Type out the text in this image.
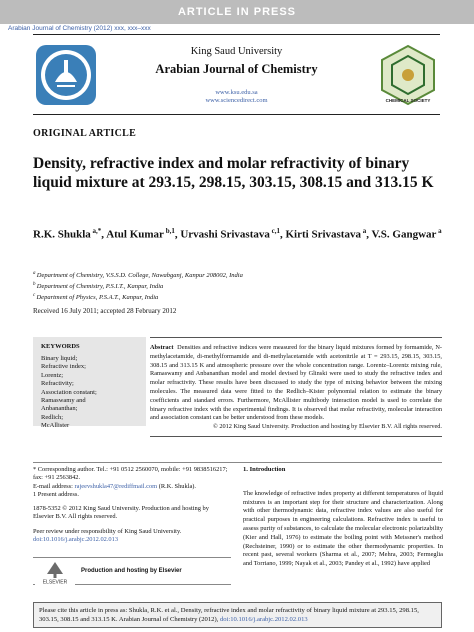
ARTICLE IN PRESS
Arabian Journal of Chemistry (2012) xxx, xxx–xxx
King Saud University
Arabian Journal of Chemistry
www.ksu.edu.sa
www.sciencedirect.com	CHEMICAL SOCIETY
ORIGINAL ARTICLE
Density, refractive index and molar refractivity of binary liquid mixture at 293.15, 298.15, 303.15, 308.15 and 313.15 K
R.K. Shukla $^{a,*}$, Atul Kumar $^{b,1}$, Urvashi Srivastava $^{c,1}$, Kirti Srivastava $^a$, V.S. Gangwar $^a$
$^a$ Department of Chemistry, V.S.S.D. College, Nawabganj, Kanpur 208002, India
$^b$ Department of Chemistry, P.S.I.T., Kanpur, India
$^c$ Department of Physics, P.S.A.T., Kanpur, India
Received 16 July 2011; accepted 28 February 2012
KEYWORDS
Binary liquid;
Refractive index;
Lorentz;
Refractivity;
Association constant;
Ramaswamy and
Anbananthan;
Redlich;
McAllister

Abstract Densities and refractive indices were measured for the binary liquid mixtures formed by formamide, N-methylacetamide, di-methylformamide and di-methylacetamide with acetonitrile at T = 293.15, 298.15, 303.15, 308.15 and 313.15 K and atmospheric pressure over the whole concentration range. Lorentz–Lorentz mixing rule, Ramaswamy and Anbananthan model and model devised by Glinski were used to study the refractive index and molar refractivity. These results have been discussed to study the type of mixing behavior between the mixing molecules. The measured data were fitted to the Redlich–Kister polynomial relation to estimate the binary coefficients and standard errors. Furthermore, McAllister multibody interaction model is used to correlate the binary refractive index with the experimental findings. It is observed that molar refractivity, molecular interaction and association constant can be better understood from these models.

© 2012 King Saud University. Production and hosting by Elsevier B.V. All rights reserved.

* Corresponding author. Tel.: +91 0512 2560070, mobile: +91 9838516217; fax: +91 2563842.

E-mail address: rajeevshukla47@rediffmail.com (R.K. Shukla).

1 Present address.

1878-5352 © 2012 King Saud University. Production and hosting by Elsevier B.V. All rights reserved.

Peer review under responsibility of King Saud University.

doi:10.1016/j.arabjc.2012.02.013

ELSEVIER
Production and hosting by Elsevier
1. Introduction

The knowledge of refractive index property at different temperatures of liquid mixtures is an important step for their structure and characterization. Along with other thermodynamic data, refractive index values are also useful for practical purposes in engineering calculations. Refractive index is useful to assess purity of substances, to calculate the molecular electronic polarizability (Kier and Hall, 1976) to estimate the boiling point with Meissner's method (Rechsteiner, 1990) or to estimate the other thermodynamic properties. In recent past, several workers (Sharma et al., 2007; Mehra, 2003; Fermeglia and Torriano, 1999; Nayak et al., 2003; Pandey et al., 1992) have applied

Please cite this article in press as: Shukla, R.K. et al., Density, refractive index and molar refractivity of binary liquid mixture at 293.15, 298.15, 303.15, 308.15 and 313.15 K. Arabian Journal of Chemistry (2012), doi:10.1016/j.arabjc.2012.02.013
